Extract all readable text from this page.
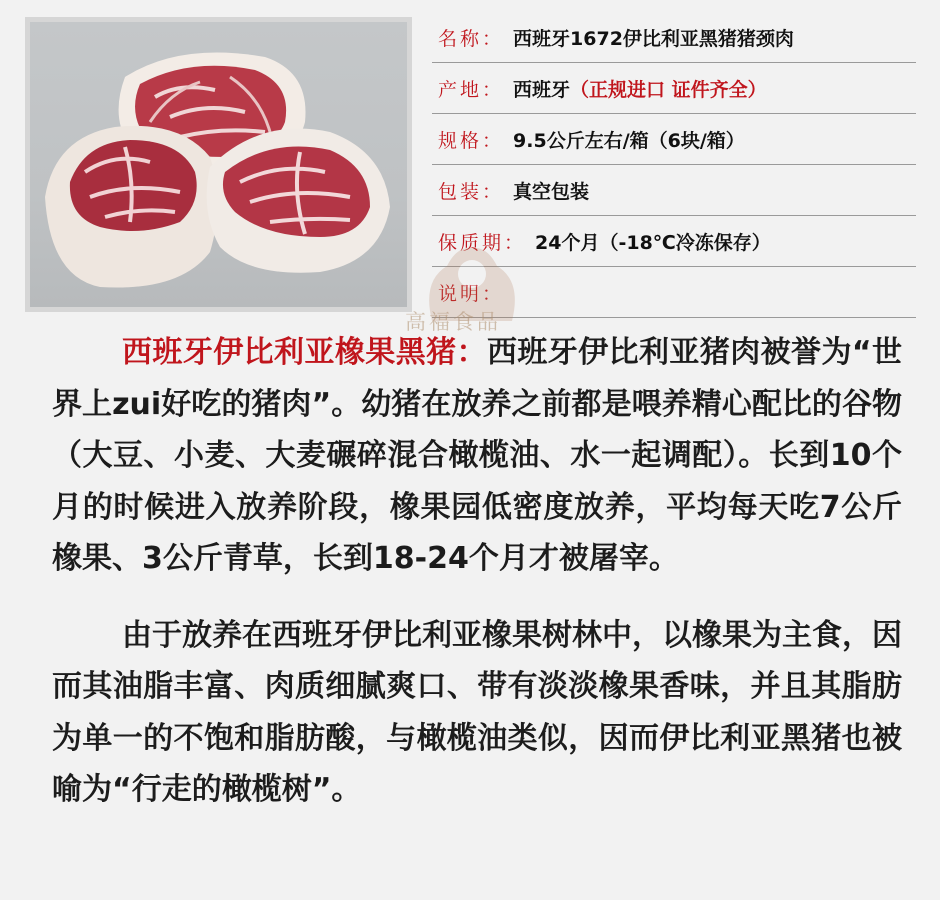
名称 ： 西班牙1672伊比利亚黑猪猪颈肉
产地 ： 西班牙 （正规进口 证件齐全）
规格 ： 9.5公斤左右/箱（6块/箱）
包装 ： 真空包装
保质期 ： 24个月（-18℃冷冻保存）
说明 ：
高福食品

西班牙伊比利亚橡果黑猪：西班牙伊比利亚猪肉被誉为“世界上zui好吃的猪肉”。幼猪在放养之前都是喂养精心配比的谷物（大豆、小麦、大麦碾碎混合橄榄油、水一起调配）。长到10个月的时候进入放养阶段，橡果园低密度放养，平均每天吃7公斤橡果、3公斤青草，长到18-24个月才被屠宰。

由于放养在西班牙伊比利亚橡果树林中，以橡果为主食，因而其油脂丰富、肉质细腻爽口、带有淡淡橡果香味，并且其脂肪为单一的不饱和脂肪酸，与橄榄油类似，因而伊比利亚黑猪也被喻为“行走的橄榄树”。
